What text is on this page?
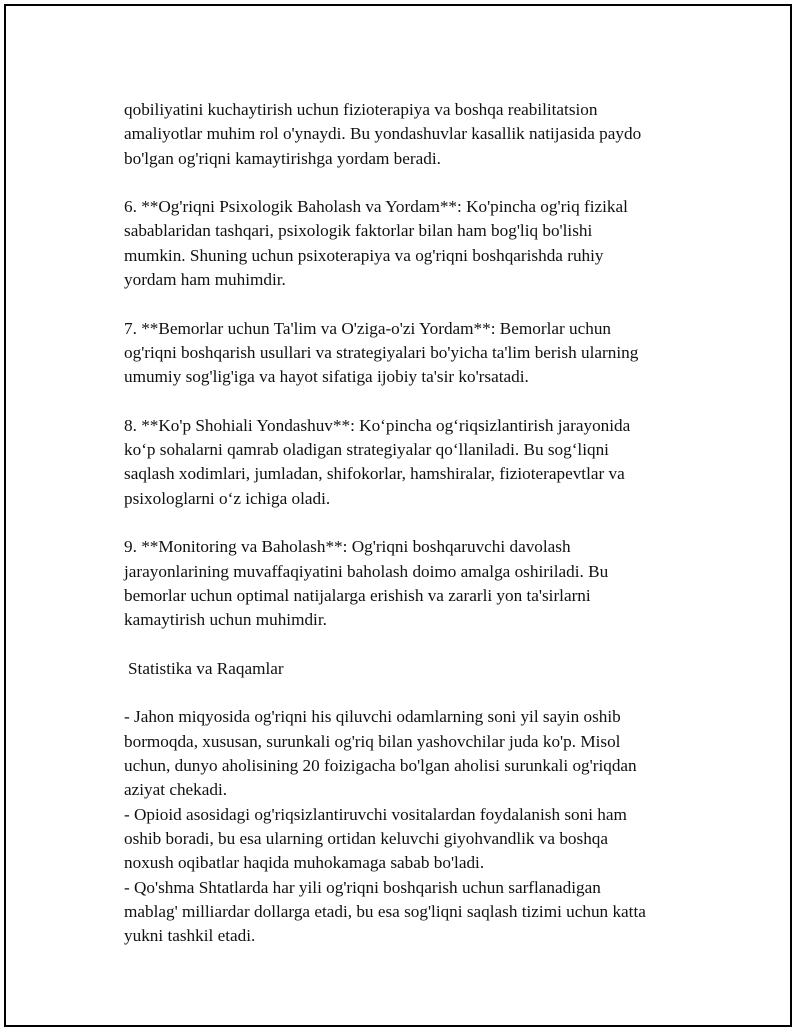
qobiliyatini kuchaytirish uchun fizioterapiya va boshqa reabilitatsion
amaliyotlar muhim rol o'ynaydi. Bu yondashuvlar kasallik natijasida paydo
bo'lgan og'riqni kamaytirishga yordam beradi.

6. **Og'riqni Psixologik Baholash va Yordam**: Ko'pincha og'riq fizikal
sabablaridan tashqari, psixologik faktorlar bilan ham bog'liq bo'lishi
mumkin. Shuning uchun psixoterapiya va og'riqni boshqarishda ruhiy
yordam ham muhimdir.

7. **Bemorlar uchun Ta'lim va O'ziga-o'zi Yordam**: Bemorlar uchun
og'riqni boshqarish usullari va strategiyalari bo'yicha ta'lim berish ularning
umumiy sog'lig'iga va hayot sifatiga ijobiy ta'sir ko'rsatadi.

8. **Ko'p Shohiali Yondashuv**: Ko‘pincha og‘riqsizlantirish jarayonida
ko‘p sohalarni qamrab oladigan strategiyalar qo‘llaniladi. Bu sog‘liqni
saqlash xodimlari, jumladan, shifokorlar, hamshiralar, fizioterapevtlar va
psixologlarni o‘z ichiga oladi.

9. **Monitoring va Baholash**: Og'riqni boshqaruvchi davolash
jarayonlarining muvaffaqiyatini baholash doimo amalga oshiriladi. Bu
bemorlar uchun optimal natijalarga erishish va zararli yon ta'sirlarni
kamaytirish uchun muhimdir.

Statistika va Raqamlar

- Jahon miqyosida og'riqni his qiluvchi odamlarning soni yil sayin oshib
bormoqda, xususan, surunkali og'riq bilan yashovchilar juda ko'p. Misol
uchun, dunyo aholisining 20 foizigacha bo'lgan aholisi surunkali og'riqdan
aziyat chekadi.
- Opioid asosidagi og'riqsizlantiruvchi vositalardan foydalanish soni ham
oshib boradi, bu esa ularning ortidan keluvchi giyohvandlik va boshqa
noxush oqibatlar haqida muhokamaga sabab bo'ladi.
- Qo'shma Shtatlarda har yili og'riqni boshqarish uchun sarflanadigan
mablag' milliardar dollarga etadi, bu esa sog'liqni saqlash tizimi uchun katta
yukni tashkil etadi.
